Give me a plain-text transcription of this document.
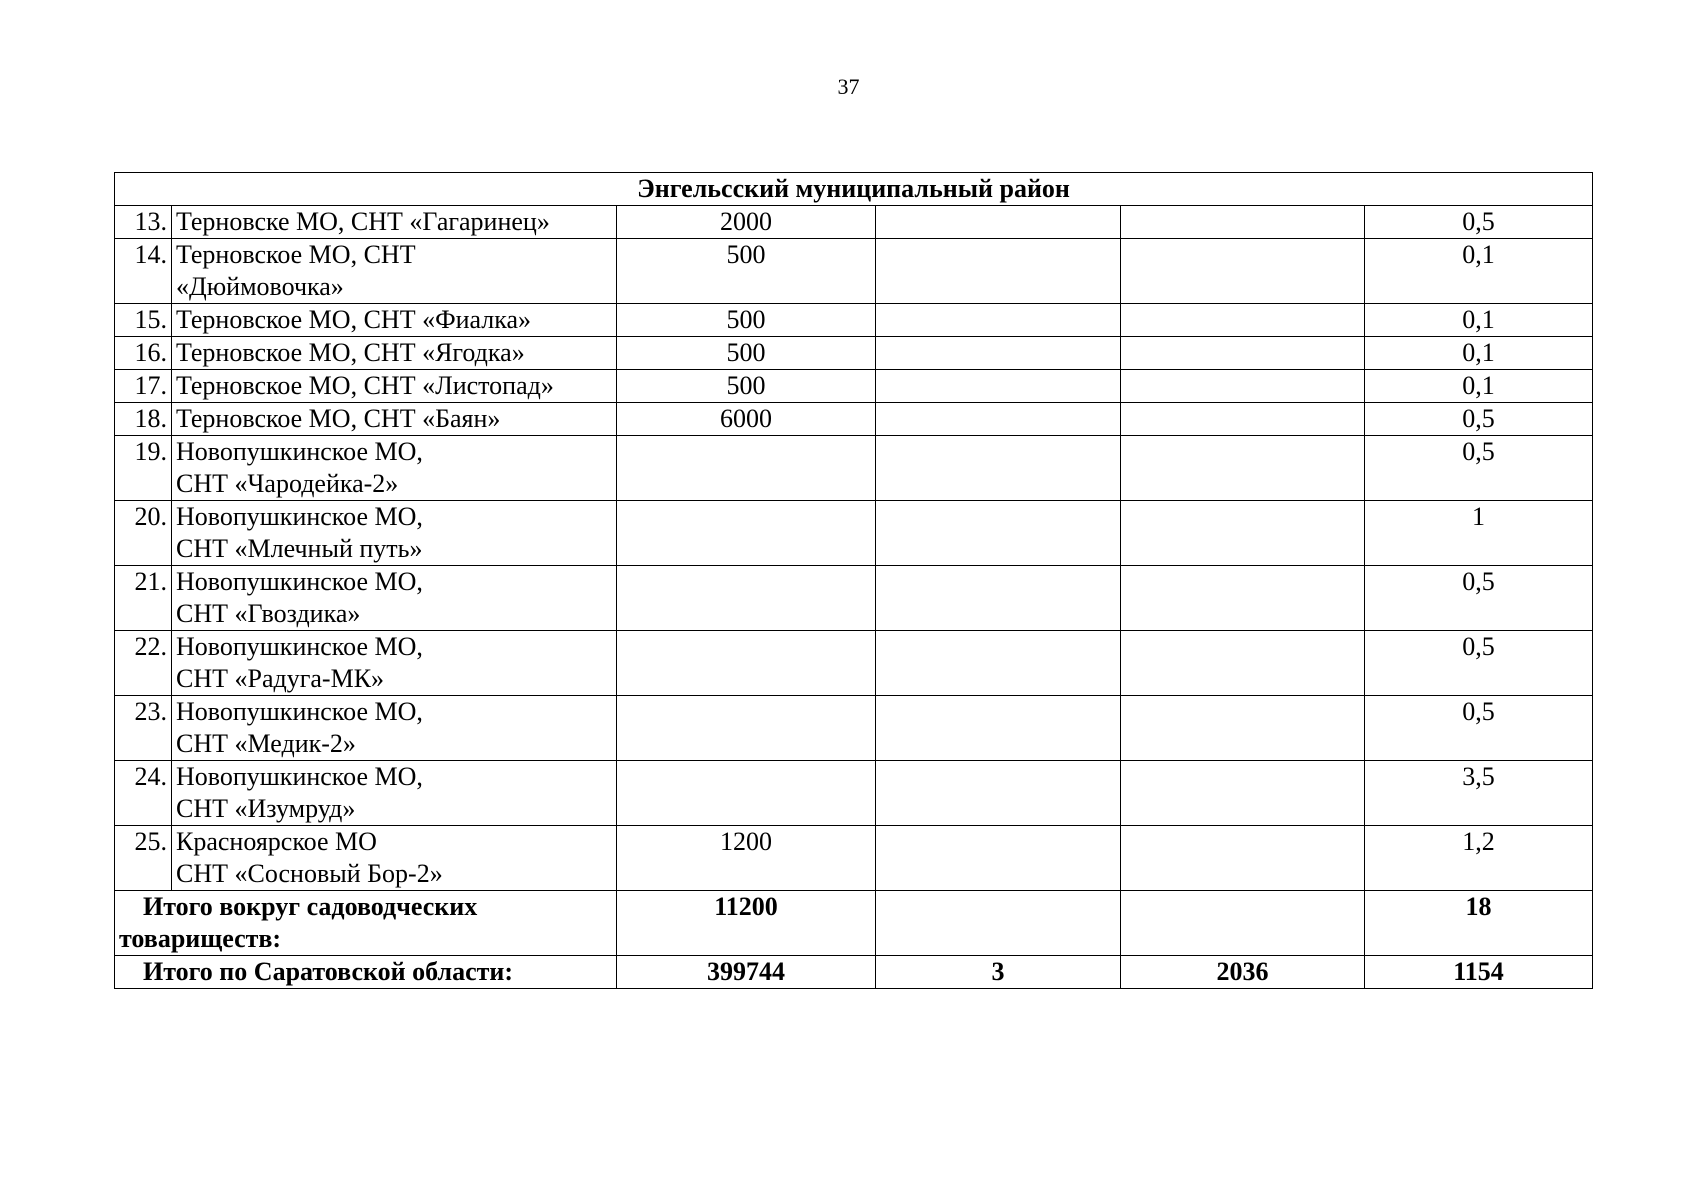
37
Энгельсский муниципальный район					
13.	Терновске МО, СНТ «Гагаринец»	2000			0,5
14.	Терновское МО, СНТ
«Дюймовочка»	500			0,1
15.	Терновское МО, СНТ «Фиалка»	500			0,1
16.	Терновское МО, СНТ «Ягодка»	500			0,1
17.	Терновское МО, СНТ «Листопад»	500			0,1
18.	Терновское МО, СНТ «Баян»	6000			0,5
19.	Новопушкинское МО,
СНТ «Чародейка-2»				0,5
20.	Новопушкинское МО,
СНТ «Млечный путь»				1
21.	Новопушкинское МО,
СНТ «Гвоздика»				0,5
22.	Новопушкинское МО,
СНТ «Радуга-МК»				0,5
23.	Новопушкинское МО,
СНТ «Медик-2»				0,5
24.	Новопушкинское МО,
СНТ «Изумруд»				3,5
25.	Красноярское МО
СНТ «Сосновый Бор-2»	1200			1,2

Итого вокруг садоводческих
товариществ:		11200			18

Итого по Саратовской области:		399744	3	2036	1154
